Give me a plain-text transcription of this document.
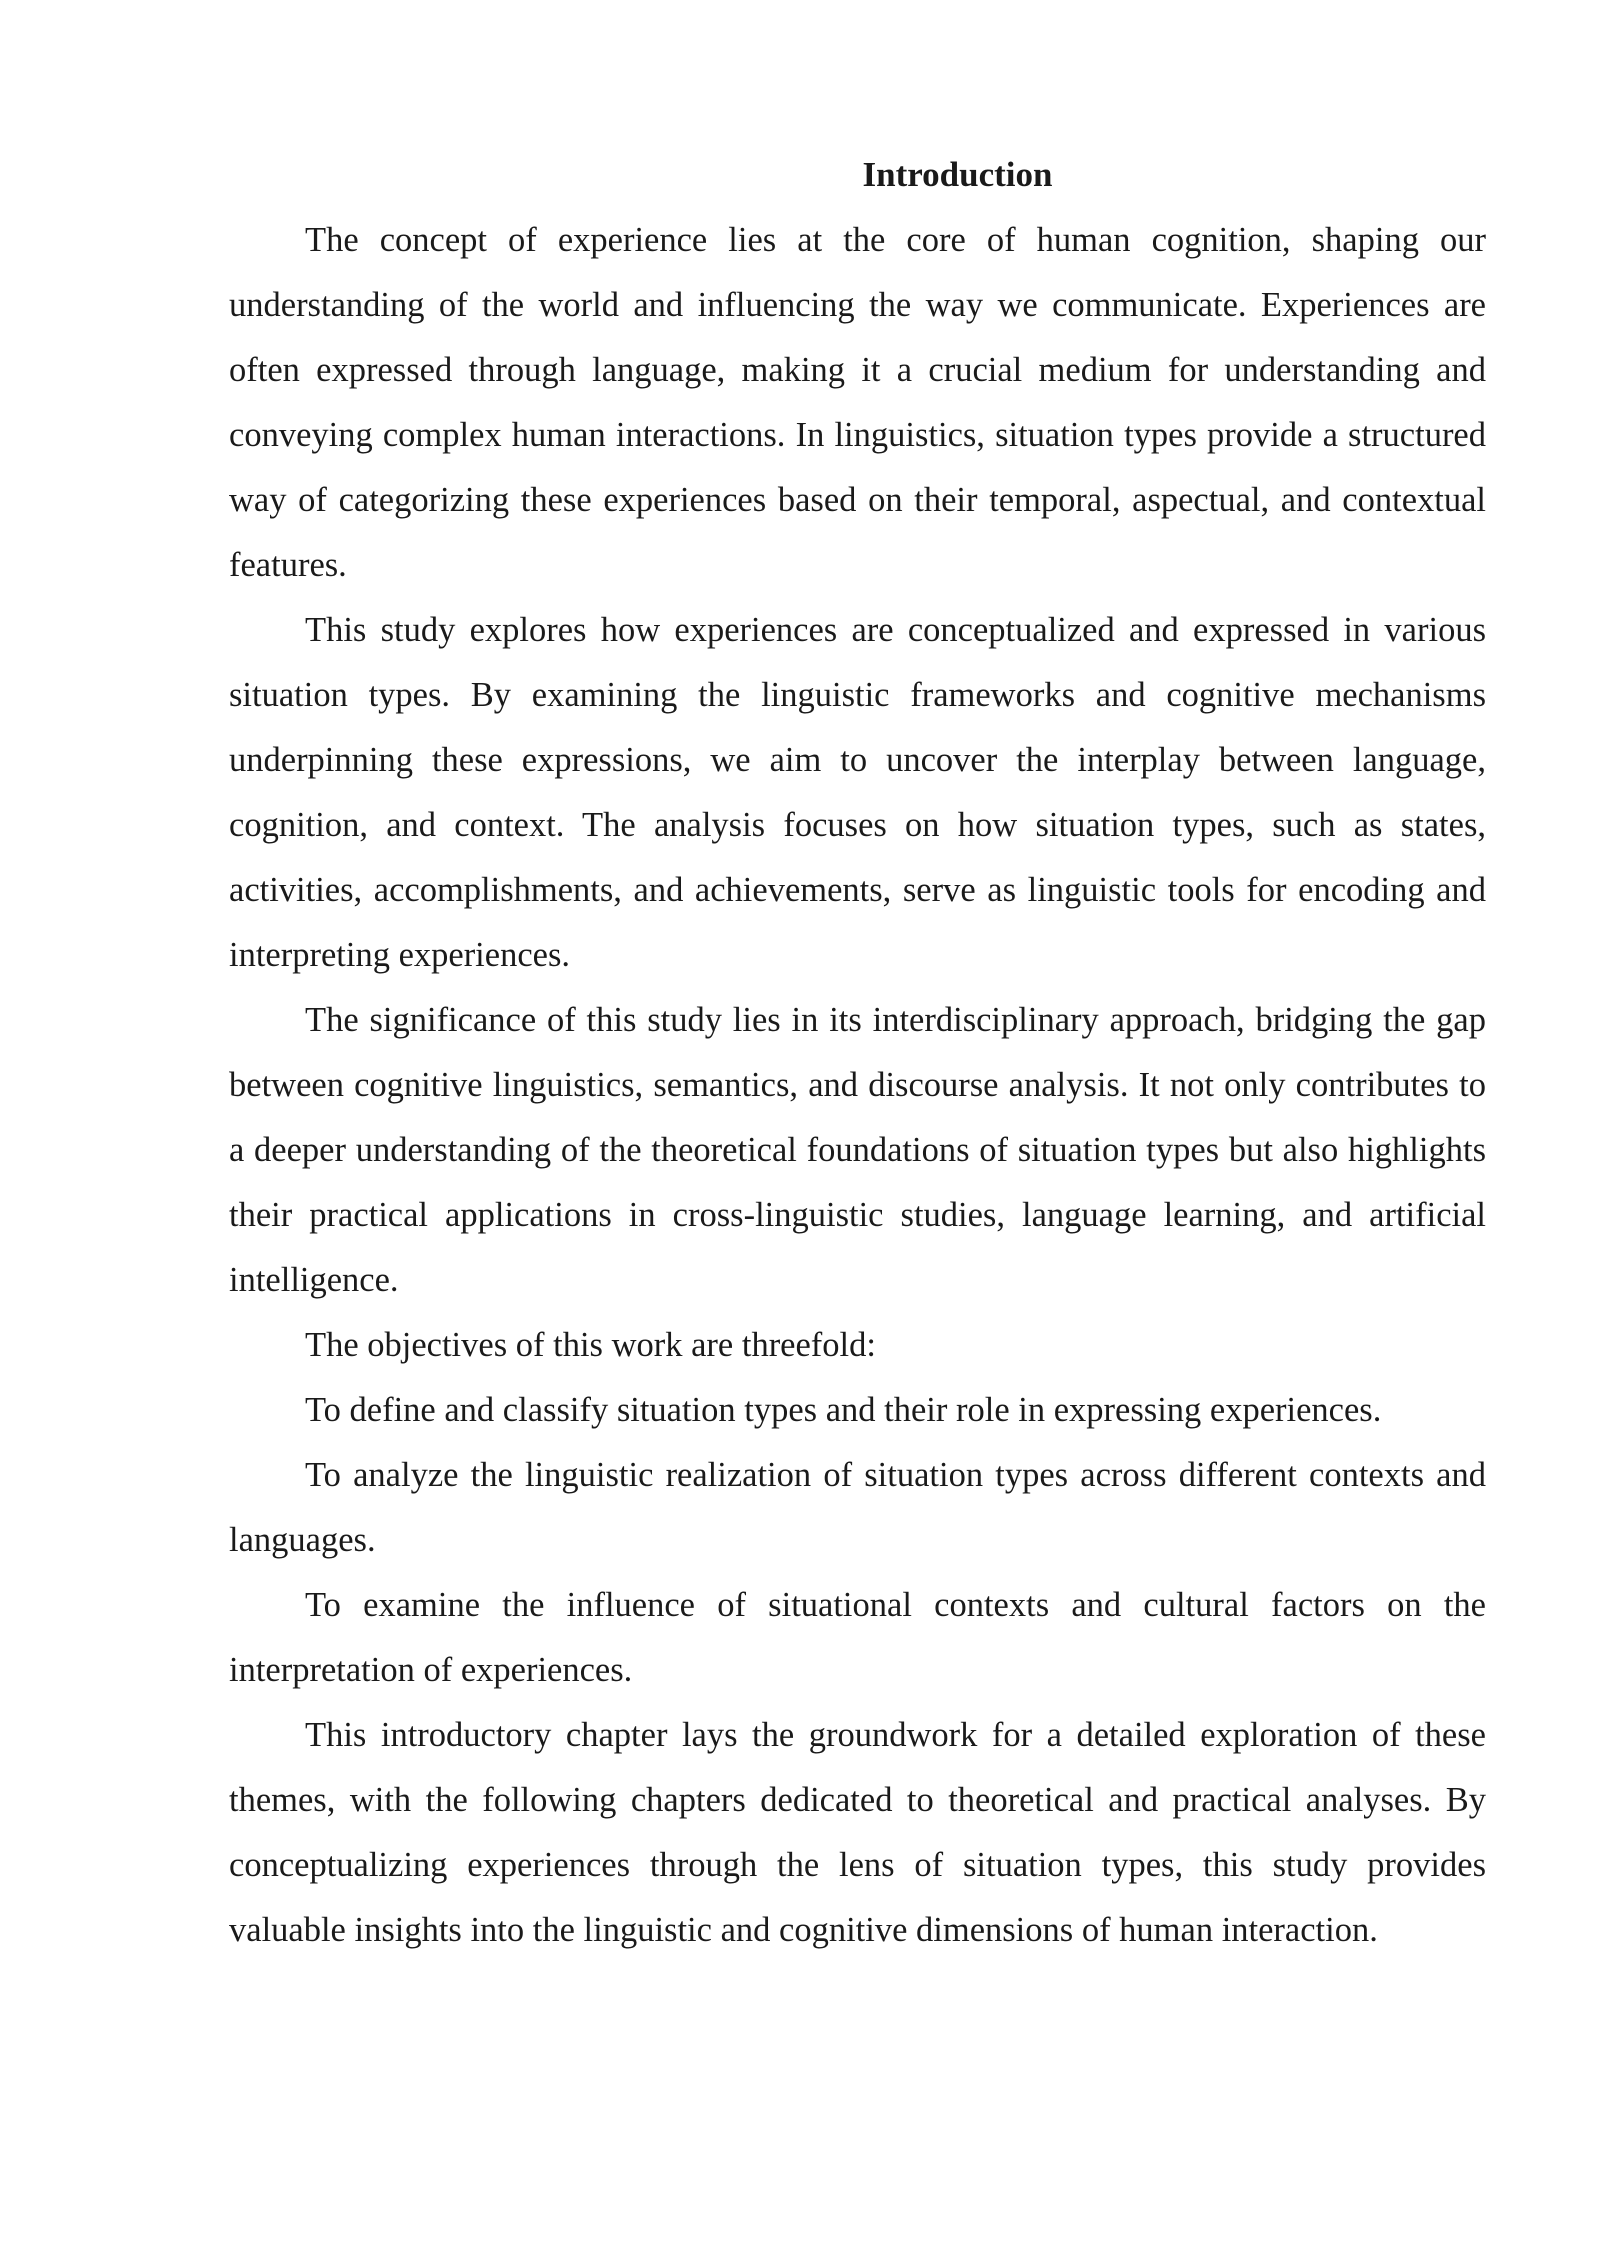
Introduction

The concept of experience lies at the core of human cognition, shaping our understanding of the world and influencing the way we communicate. Experiences are often expressed through language, making it a crucial medium for understanding and conveying complex human interactions. In linguistics, situation types provide a structured way of categorizing these experiences based on their temporal, aspectual, and contextual features.

This study explores how experiences are conceptualized and expressed in various situation types. By examining the linguistic frameworks and cognitive mechanisms underpinning these expressions, we aim to uncover the interplay between language, cognition, and context. The analysis focuses on how situation types, such as states, activities, accomplishments, and achievements, serve as linguistic tools for encoding and interpreting experiences.

The significance of this study lies in its interdisciplinary approach, bridging the gap between cognitive linguistics, semantics, and discourse analysis. It not only contributes to a deeper understanding of the theoretical foundations of situation types but also highlights their practical applications in cross-linguistic studies, language learning, and artificial intelligence.

The objectives of this work are threefold:

To define and classify situation types and their role in expressing experiences.

To analyze the linguistic realization of situation types across different contexts and languages.

To examine the influence of situational contexts and cultural factors on the interpretation of experiences.

This introductory chapter lays the groundwork for a detailed exploration of these themes, with the following chapters dedicated to theoretical and practical analyses. By conceptualizing experiences through the lens of situation types, this study provides valuable insights into the linguistic and cognitive dimensions of human interaction.
